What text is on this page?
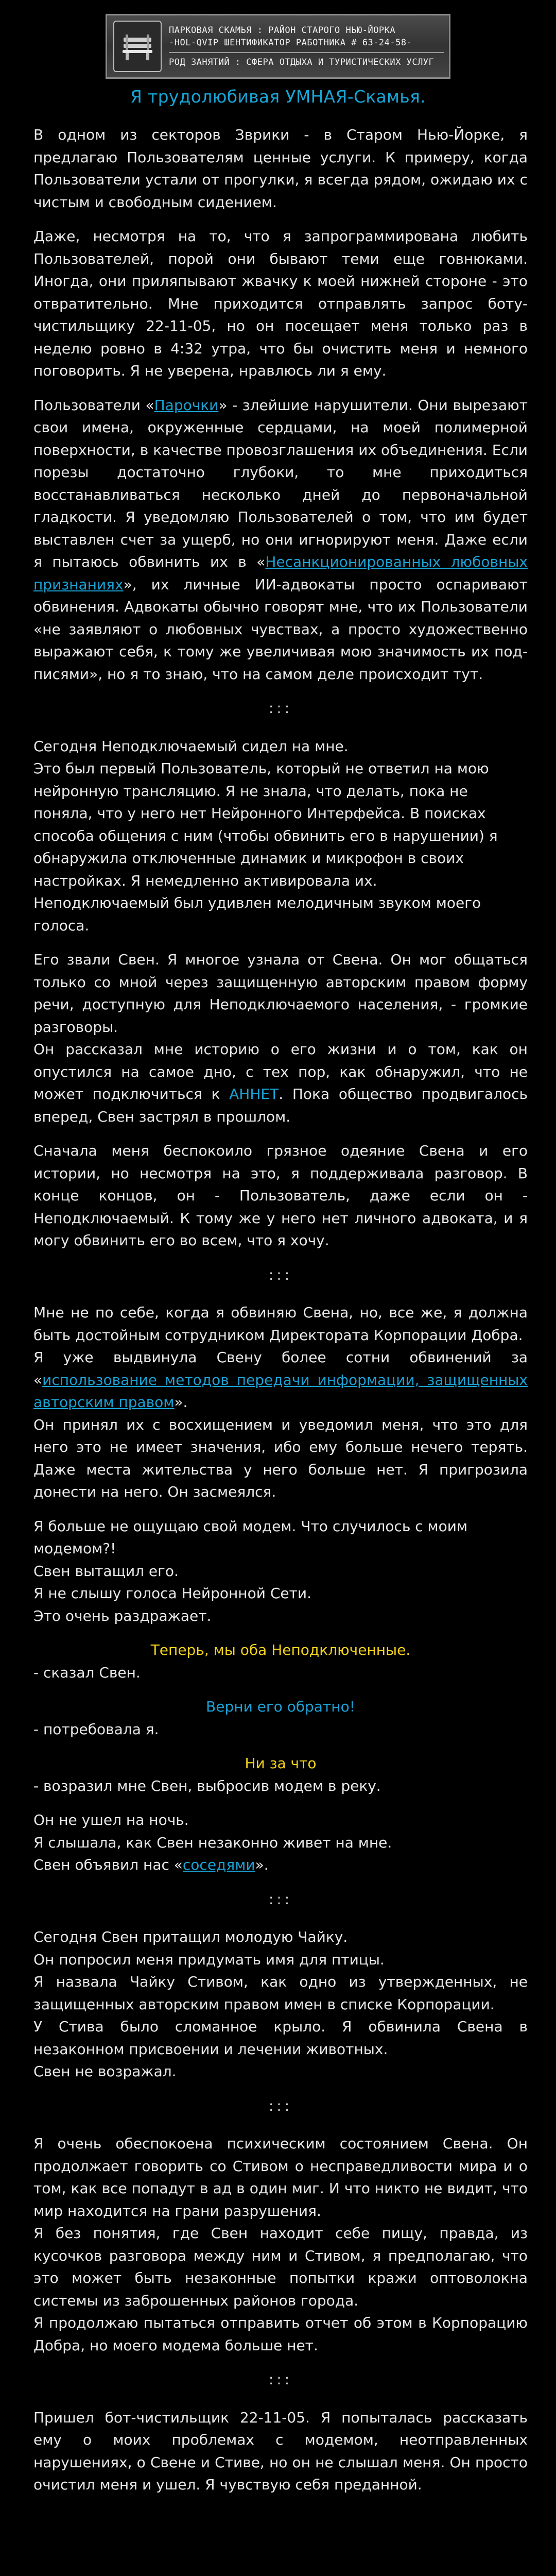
ПАРКОВАЯ СКАМЬЯ : РАЙОН СТАРОГО НЬЮ-ЙОРКА
-HOL-QVIP ШЕНТИФИКАТОР РАБОТНИКА # 63-24-58-
РОД ЗАНЯТИЙ : СФЕРА ОТДЫХА И ТУРИСТИЧЕСКИХ УСЛУГ
Я трудолюбивая УМНАЯ-Скамья.

В одном из секторов Зврики - в Старом Нью-Йорке, я предлагаю Пользователям ценные услуги. К примеру, когда Пользователи устали от прогулки, я всегда рядом, ожидаю их с чистым и свободным сидением.

Даже, несмотря на то, что я запрограммирована любить Пользователей, порой они бывают теми еще говнюками. Иногда, они приляпывают жвачку к моей нижней стороне - это отвратительно. Мне приходится отправлять запрос боту-чистильщику 22-11-05, но он посещает меня только раз в неделю ровно в 4:32 утра, что бы очистить меня и немного поговорить. Я не уверена, нравлюсь ли я ему.

Пользователи «Парочки» - злейшие нарушители. Они вырезают свои имена, окруженные сердцами, на моей полимерной поверхности, в качестве провозглашения их объединения. Если порезы достаточно глубоки, то мне приходиться восстанавливаться несколько дней до первоначальной гладкости. Я уведомляю Пользователей о том, что им будет выставлен счет за ущерб, но они игнорируют меня. Даже если я пытаюсь обвинить их в «Несанкционированных любовных признаниях», их личные ИИ-адвокаты просто оспаривают обвинения. Адвокаты обычно говорят мне, что их Пользователи «не заявляют о любовных чувствах, а просто художественно выражают себя, к тому же увеличивая мою значимость их под-писями», но я то знаю, что на самом деле происходит тут.

:::

Сегодня Неподключаемый сидел на мне.
Это был первый Пользователь, который не ответил на мою нейронную трансляцию. Я не знала, что делать, пока не поняла, что у него нет Нейронного Интерфейса. В поисках способа общения с ним (чтобы обвинить его в нарушении) я обнаружила отключенные динамик и микрофон в своих настройках. Я немедленно активировала их.
Неподключаемый был удивлен мелодичным звуком моего голоса.

Его звали Свен. Я многое узнала от Свена. Он мог общаться только со мной через защищенную авторским правом форму речи, доступную для Неподключаемого населения, - громкие разговоры.
Он рассказал мне историю о его жизни и о том, как он опустился на самое дно, с тех пор, как обнаружил, что не может подключиться к АННЕТ. Пока общество продвигалось вперед, Свен застрял в прошлом.

Сначала меня беспокоило грязное одеяние Свена и его истории, но несмотря на это, я поддерживала разговор. В конце концов, он - Пользователь, даже если он - Неподключаемый. К тому же у него нет личного адвоката, и я могу обвинить его во всем, что я хочу.

:::

Мне не по себе, когда я обвиняю Свена, но, все же, я должна быть достойным сотрудником Директората Корпорации Добра.
Я уже выдвинула Свену более сотни обвинений за «использование методов передачи информации, защищенных авторским правом».
Он принял их с восхищением и уведомил меня, что это для него это не имеет значения, ибо ему больше нечего терять. Даже места жительства у него больше нет. Я пригрозила донести на него. Он засмеялся.

Я больше не ощущаю свой модем. Что случилось с моим модемом?!
Свен вытащил его.
Я не слышу голоса Нейронной Сети.
Это очень раздражает.

Теперь, мы оба Неподключенные.

- сказал Свен.

Верни его обратно!

- потребовала я.

Ни за что

- возразил мне Свен, выбросив модем в реку.

Он не ушел на ночь.
Я слышала, как Свен незаконно живет на мне.
Свен объявил нас «соседями».

:::

Сегодня Свен притащил молодую Чайку.
Он попросил меня придумать имя для птицы.
Я назвала Чайку Стивом, как одно из утвержденных, не защищенных авторским правом имен в списке Корпорации.
У Стива было сломанное крыло. Я обвинила Свена в незаконном присвоении и лечении животных.
Свен не возражал.

:::

Я очень обеспокоена психическим состоянием Свена. Он продолжает говорить со Стивом о несправедливости мира и о том, как все попадут в ад в один миг. И что никто не видит, что мир находится на грани разрушения.
Я без понятия, где Свен находит себе пищу, правда, из кусочков разговора между ним и Стивом, я предполагаю, что это может быть незаконные попытки кражи оптоволокна системы из заброшенных районов города.
Я продолжаю пытаться отправить отчет об этом в Корпорацию Добра, но моего модема больше нет.

:::

Пришел бот-чистильщик 22-11-05. Я попыталась рассказать ему о моих проблемах с модемом, неотправленных нарушениях, о Свене и Стиве, но он не слышал меня. Он просто очистил меня и ушел. Я чувствую себя преданной.
